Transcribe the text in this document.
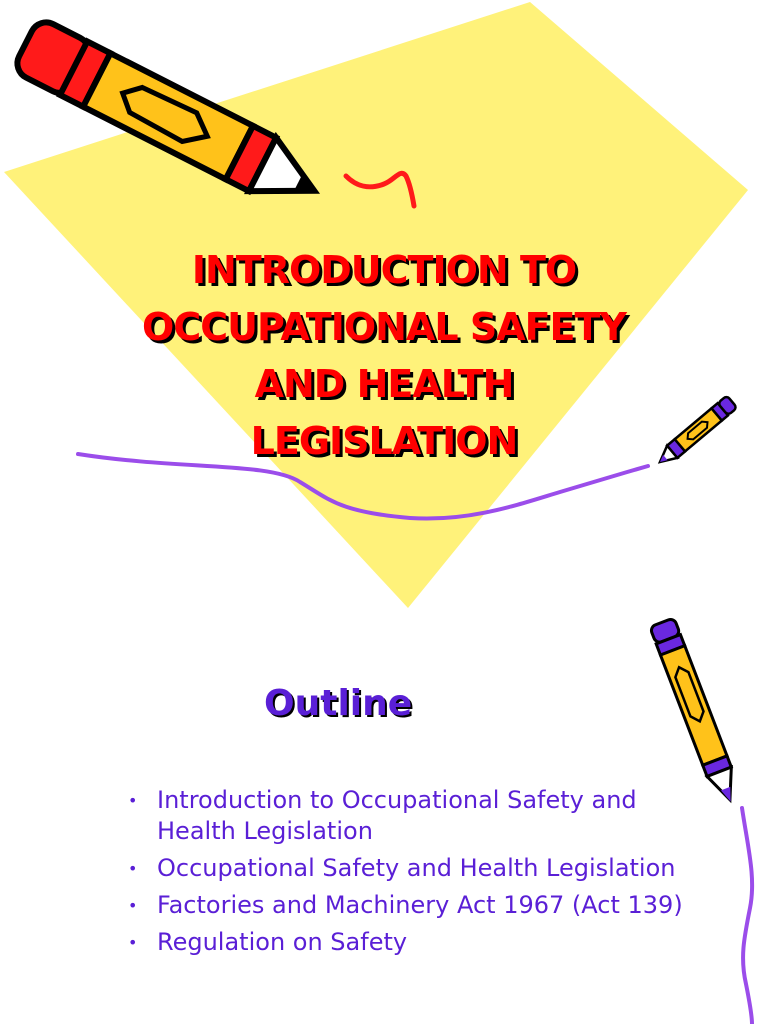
INTRODUCTION TO
OCCUPATIONAL SAFETY
AND HEALTH
LEGISLATION
Outline
• Introduction to Occupational Safety and Health Legislation
• Occupational Safety and Health Legislation
• Factories and Machinery Act 1967 (Act 139)
• Regulation on Safety
